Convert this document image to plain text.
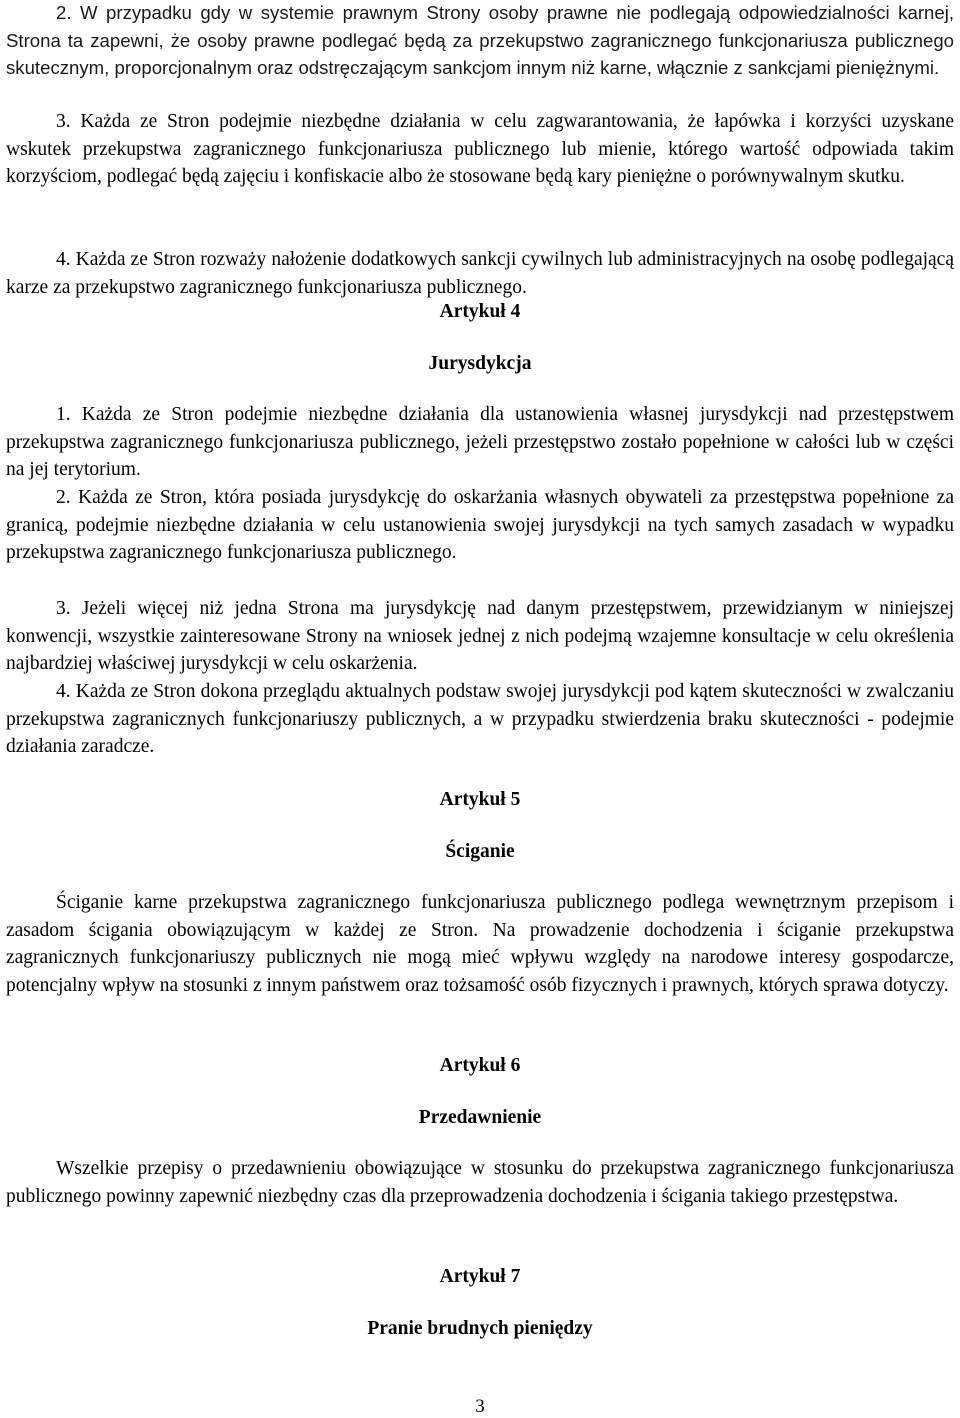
2. W przypadku gdy w systemie prawnym Strony osoby prawne nie podlegają odpowiedzialności karnej, Strona ta zapewni, że osoby prawne podlegać będą za przekupstwo zagranicznego funkcjonariusza publicznego skutecznym, proporcjonalnym oraz odstręczającym sankcjom innym niż karne, włącznie z sankcjami pieniężnymi.

3. Każda ze Stron podejmie niezbędne działania w celu zagwarantowania, że łapówka i korzyści uzyskane wskutek przekupstwa zagranicznego funkcjonariusza publicznego lub mienie, którego wartość odpowiada takim korzyściom, podlegać będą zajęciu i konfiskacie albo że stosowane będą kary pieniężne o porównywalnym skutku.

4. Każda ze Stron rozważy nałożenie dodatkowych sankcji cywilnych lub administracyjnych na osobę podlegającą karze za przekupstwo zagranicznego funkcjonariusza publicznego.

Artykuł 4
Jurysdykcja

1. Każda ze Stron podejmie niezbędne działania dla ustanowienia własnej jurysdykcji nad przestępstwem przekupstwa zagranicznego funkcjonariusza publicznego, jeżeli przestępstwo zostało popełnione w całości lub w części na jej terytorium.

2. Każda ze Stron, która posiada jurysdykcję do oskarżania własnych obywateli za przestępstwa popełnione za granicą, podejmie niezbędne działania w celu ustanowienia swojej jurysdykcji na tych samych zasadach w wypadku przekupstwa zagranicznego funkcjonariusza publicznego.

3. Jeżeli więcej niż jedna Strona ma jurysdykcję nad danym przestępstwem, przewidzianym w niniejszej konwencji, wszystkie zainteresowane Strony na wniosek jednej z nich podejmą wzajemne konsultacje w celu określenia najbardziej właściwej jurysdykcji w celu oskarżenia.

4. Każda ze Stron dokona przeglądu aktualnych podstaw swojej jurysdykcji pod kątem skuteczności w zwalczaniu przekupstwa zagranicznych funkcjonariuszy publicznych, a w przypadku stwierdzenia braku skuteczności - podejmie działania zaradcze.

Artykuł 5
Ściganie

Ściganie karne przekupstwa zagranicznego funkcjonariusza publicznego podlega wewnętrznym przepisom i zasadom ścigania obowiązującym w każdej ze Stron. Na prowadzenie dochodzenia i ściganie przekupstwa zagranicznych funkcjonariuszy publicznych nie mogą mieć wpływu względy na narodowe interesy gospodarcze, potencjalny wpływ na stosunki z innym państwem oraz tożsamość osób fizycznych i prawnych, których sprawa dotyczy.

Artykuł 6
Przedawnienie

Wszelkie przepisy o przedawnieniu obowiązujące w stosunku do przekupstwa zagranicznego funkcjonariusza publicznego powinny zapewnić niezbędny czas dla przeprowadzenia dochodzenia i ścigania takiego przestępstwa.

Artykuł 7
Pranie brudnych pieniędzy
3
